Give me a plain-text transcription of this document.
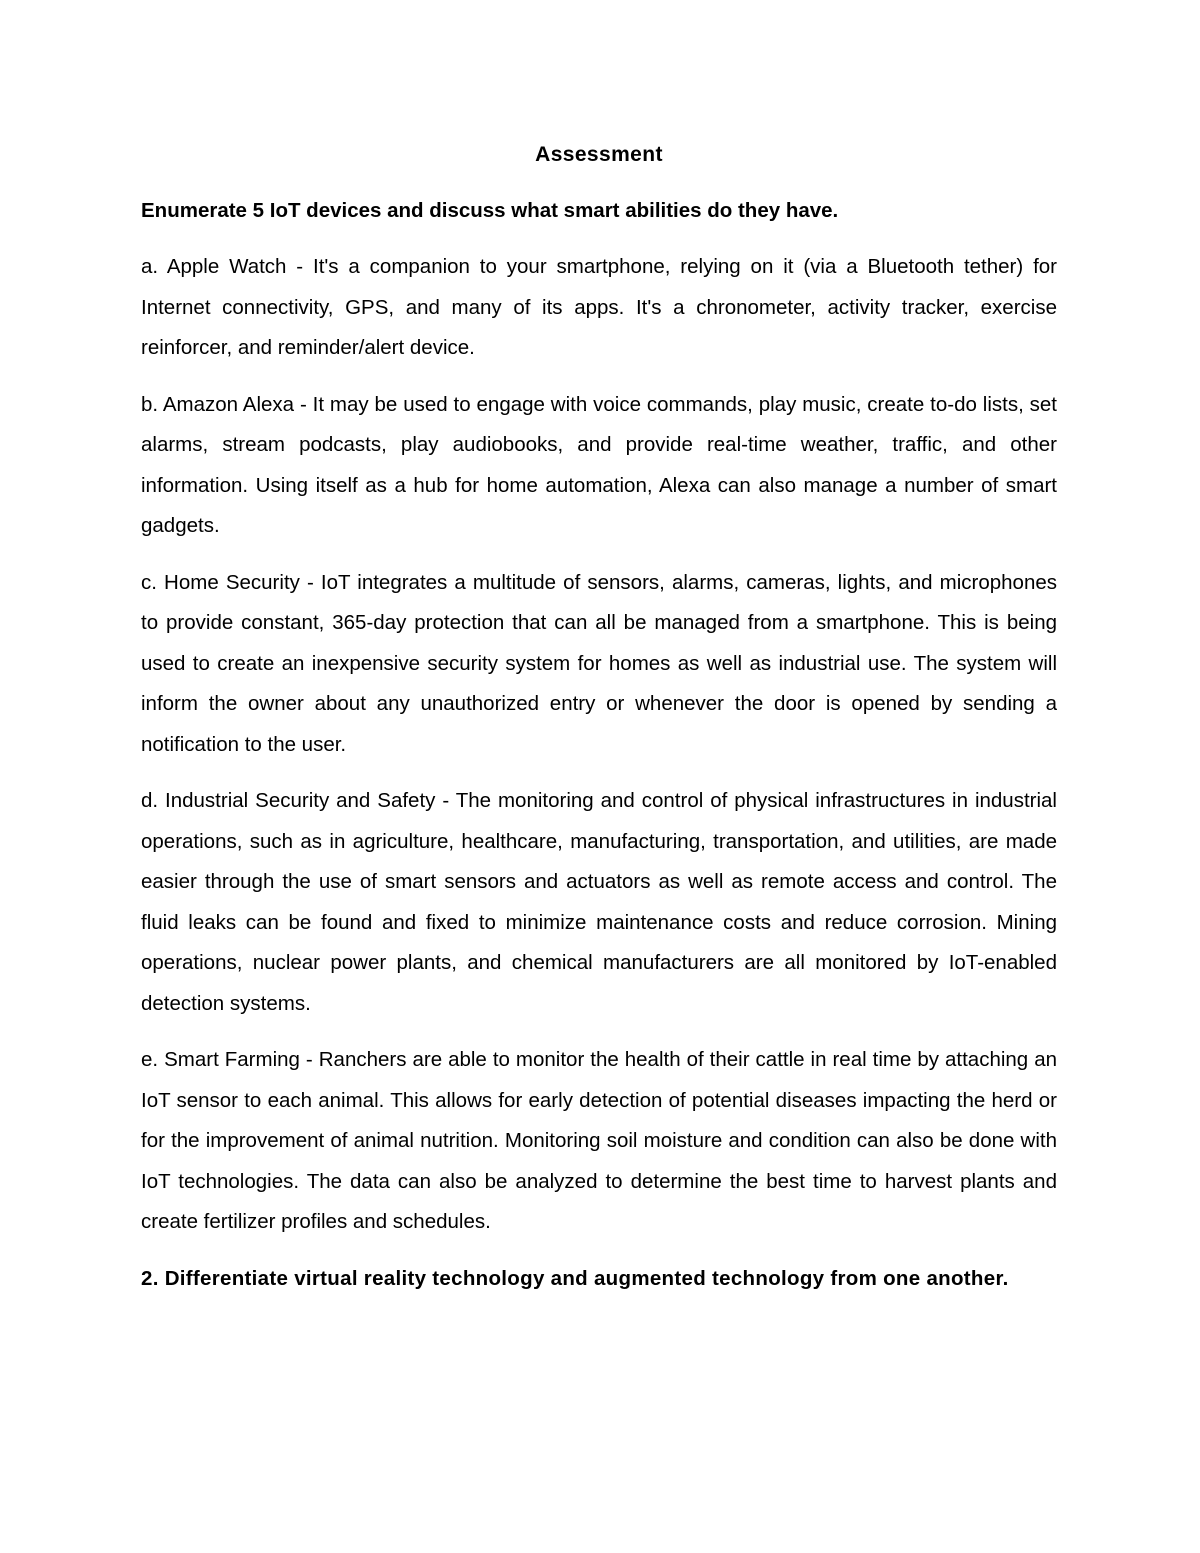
Assessment

Enumerate 5 IoT devices and discuss what smart abilities do they have.

a. Apple Watch - It's a companion to your smartphone, relying on it (via a Bluetooth tether) for Internet connectivity, GPS, and many of its apps. It's a chronometer, activity tracker, exercise reinforcer, and reminder/alert device.

b. Amazon Alexa - It may be used to engage with voice commands, play music, create to-do lists, set alarms, stream podcasts, play audiobooks, and provide real-time weather, traffic, and other information. Using itself as a hub for home automation, Alexa can also manage a number of smart gadgets.

c. Home Security - IoT integrates a multitude of sensors, alarms, cameras, lights, and microphones to provide constant, 365-day protection that can all be managed from a smartphone. This is being used to create an inexpensive security system for homes as well as industrial use. The system will inform the owner about any unauthorized entry or whenever the door is opened by sending a notification to the user.

d. Industrial Security and Safety - The monitoring and control of physical infrastructures in industrial operations, such as in agriculture, healthcare, manufacturing, transportation, and utilities, are made easier through the use of smart sensors and actuators as well as remote access and control. The fluid leaks can be found and fixed to minimize maintenance costs and reduce corrosion. Mining operations, nuclear power plants, and chemical manufacturers are all monitored by IoT-enabled detection systems.

e. Smart Farming - Ranchers are able to monitor the health of their cattle in real time by attaching an IoT sensor to each animal. This allows for early detection of potential diseases impacting the herd or for the improvement of animal nutrition. Monitoring soil moisture and condition can also be done with IoT technologies. The data can also be analyzed to determine the best time to harvest plants and create fertilizer profiles and schedules.

2. Differentiate virtual reality technology and augmented technology from one another.
